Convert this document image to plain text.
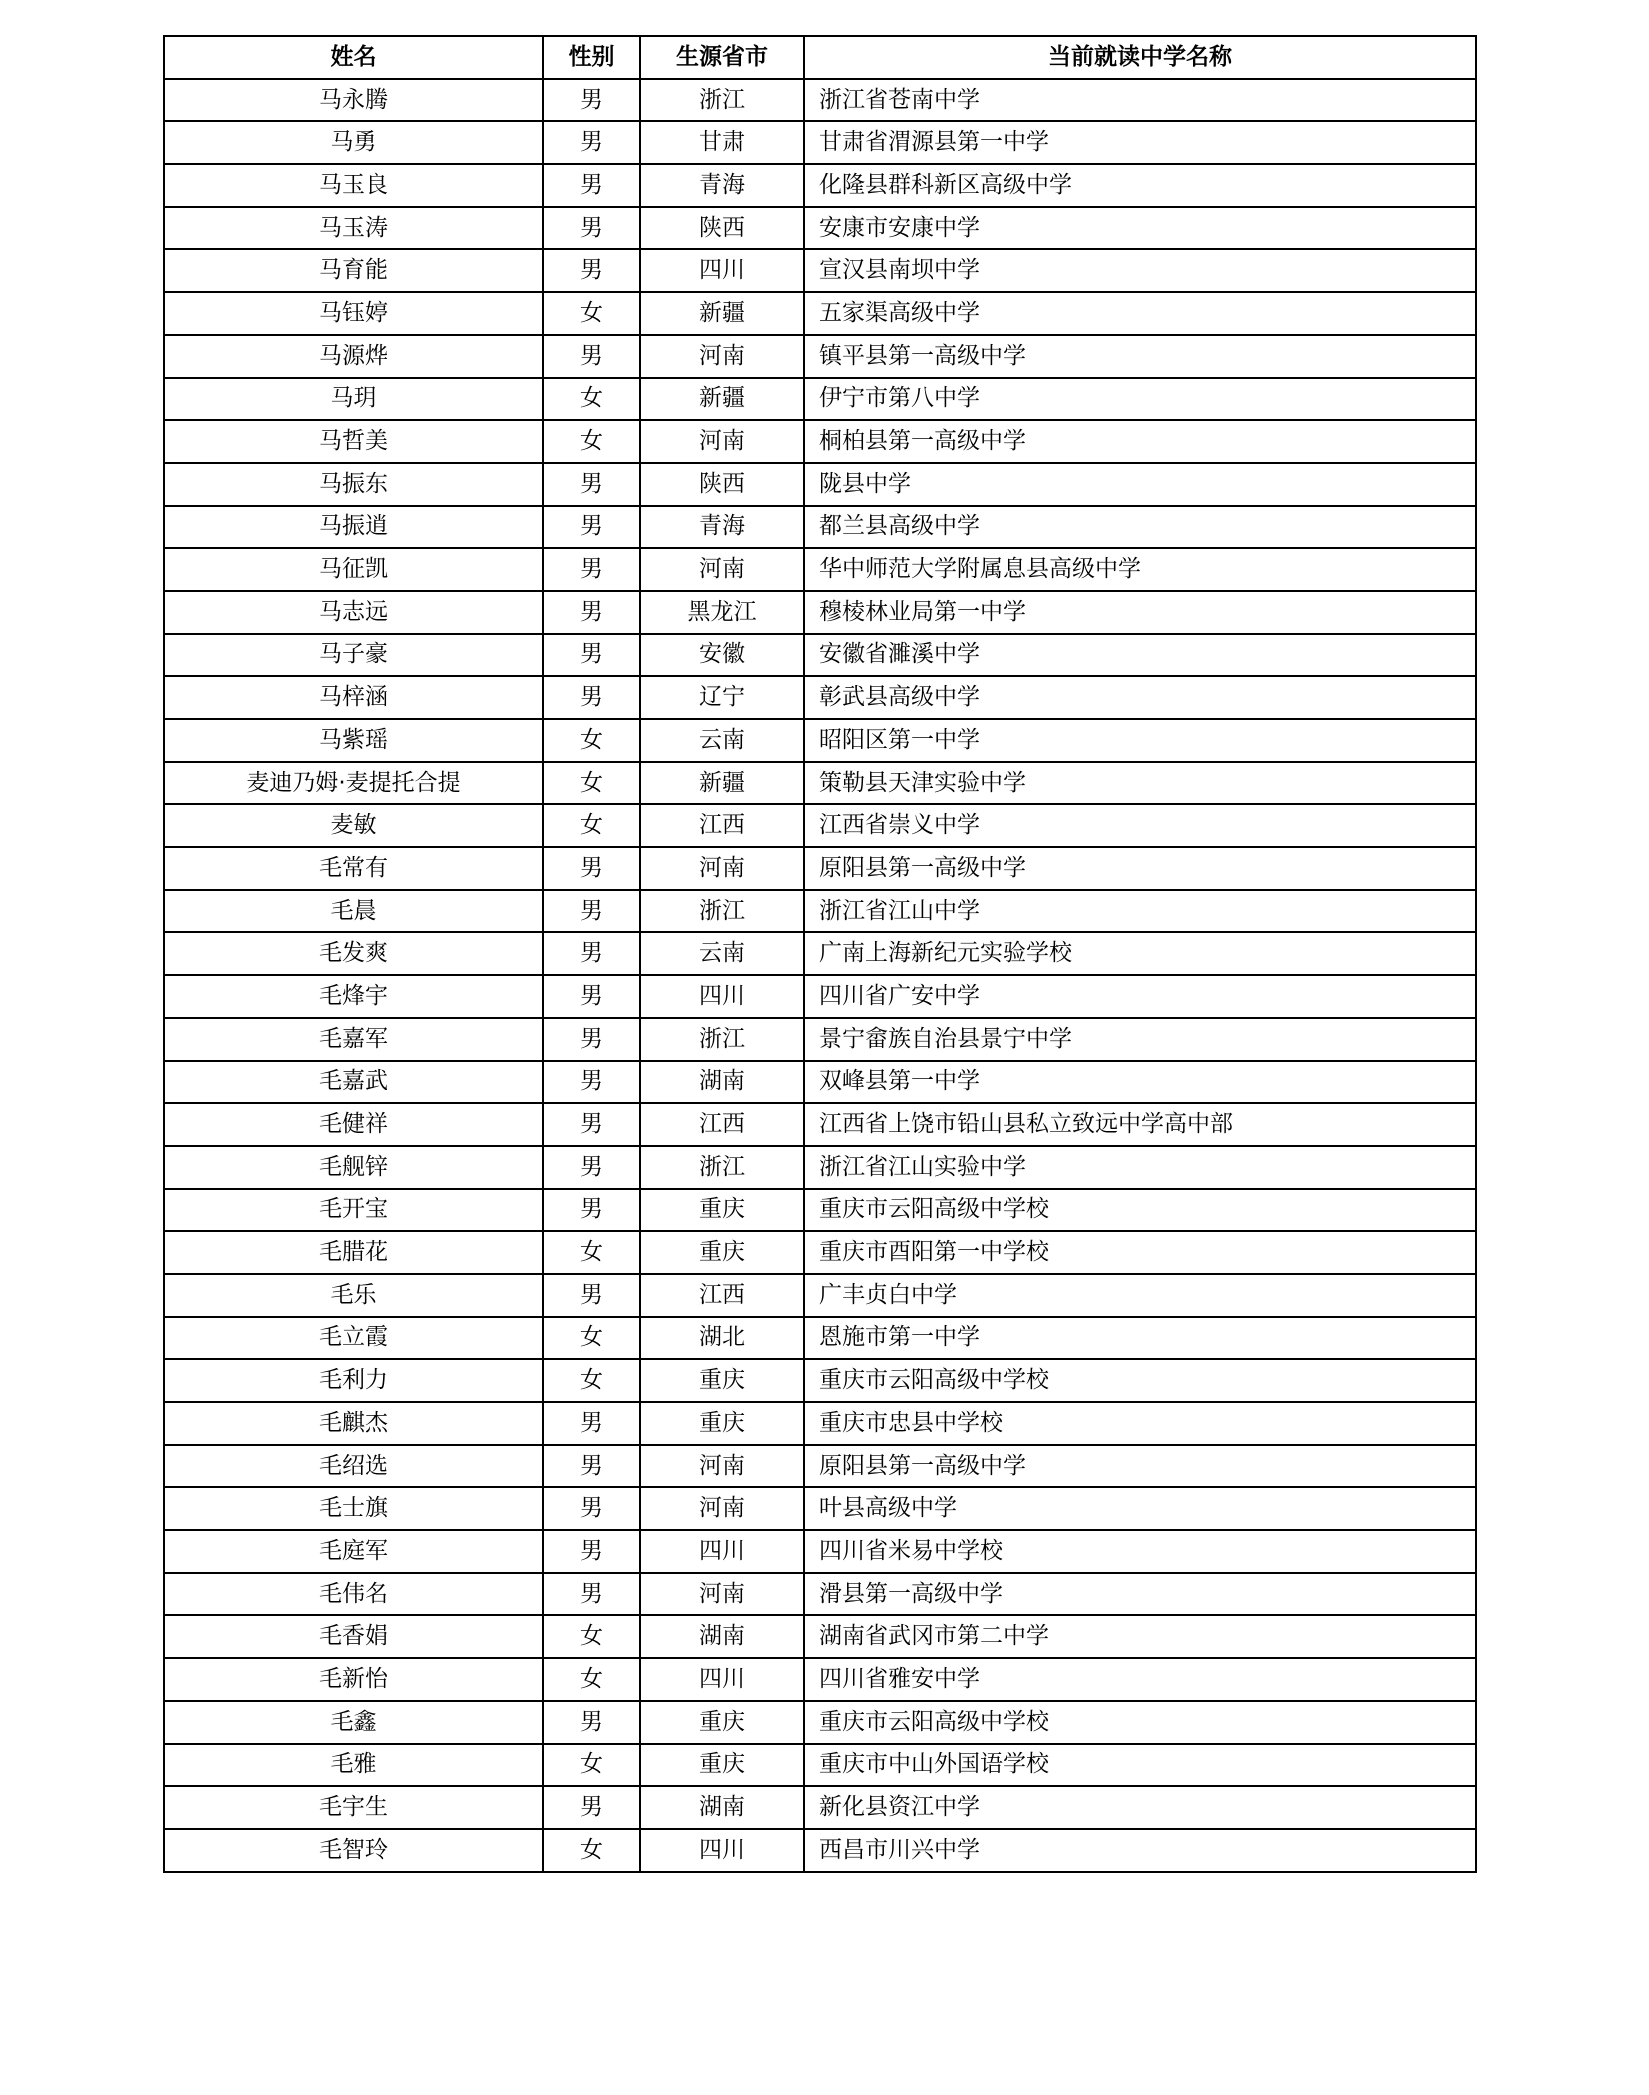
姓名	性别	生源省市	当前就读中学名称
马永腾	男	浙江	浙江省苍南中学
马勇	男	甘肃	甘肃省渭源县第一中学
马玉良	男	青海	化隆县群科新区高级中学
马玉涛	男	陕西	安康市安康中学
马育能	男	四川	宣汉县南坝中学
马钰婷	女	新疆	五家渠高级中学
马源烨	男	河南	镇平县第一高级中学
马玥	女	新疆	伊宁市第八中学
马哲美	女	河南	桐柏县第一高级中学
马振东	男	陕西	陇县中学
马振逍	男	青海	都兰县高级中学
马征凯	男	河南	华中师范大学附属息县高级中学
马志远	男	黑龙江	穆棱林业局第一中学
马子豪	男	安徽	安徽省濉溪中学
马梓涵	男	辽宁	彰武县高级中学
马紫瑶	女	云南	昭阳区第一中学
麦迪乃姆·麦提托合提	女	新疆	策勒县天津实验中学
麦敏	女	江西	江西省崇义中学
毛常有	男	河南	原阳县第一高级中学
毛晨	男	浙江	浙江省江山中学
毛发爽	男	云南	广南上海新纪元实验学校
毛烽宇	男	四川	四川省广安中学
毛嘉军	男	浙江	景宁畲族自治县景宁中学
毛嘉武	男	湖南	双峰县第一中学
毛健祥	男	江西	江西省上饶市铅山县私立致远中学高中部
毛舰锌	男	浙江	浙江省江山实验中学
毛开宝	男	重庆	重庆市云阳高级中学校
毛腊花	女	重庆	重庆市酉阳第一中学校
毛乐	男	江西	广丰贞白中学
毛立霞	女	湖北	恩施市第一中学
毛利力	女	重庆	重庆市云阳高级中学校
毛麒杰	男	重庆	重庆市忠县中学校
毛绍选	男	河南	原阳县第一高级中学
毛士旗	男	河南	叶县高级中学
毛庭军	男	四川	四川省米易中学校
毛伟名	男	河南	滑县第一高级中学
毛香娟	女	湖南	湖南省武冈市第二中学
毛新怡	女	四川	四川省雅安中学
毛鑫	男	重庆	重庆市云阳高级中学校
毛雅	女	重庆	重庆市中山外国语学校
毛宇生	男	湖南	新化县资江中学
毛智玲	女	四川	西昌市川兴中学
